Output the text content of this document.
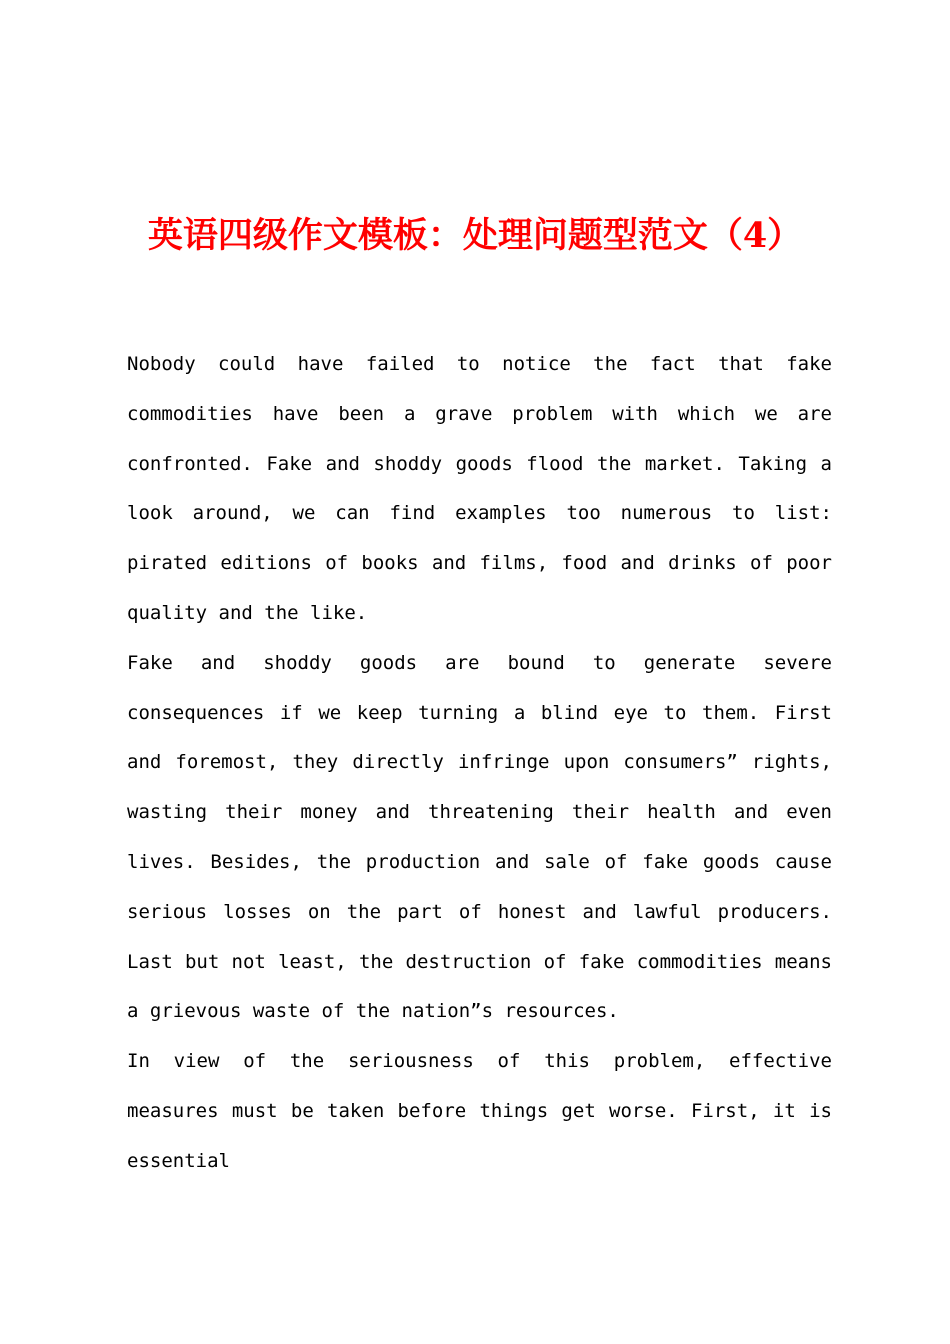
英语四级作文模板：处理问题型范文（4）

Nobody could have failed to notice the fact that fake commodities have been a grave problem with which we are confronted. Fake and shoddy goods flood the market. Taking a look around, we can find examples too numerous to list: pirated editions of books and films, food and drinks of poor quality and the like.

Fake and shoddy goods are bound to generate severe consequences if we keep turning a blind eye to them. First and foremost, they directly infringe upon consumers” rights, wasting their money and threatening their health and even lives. Besides, the production and sale of fake goods cause serious losses on the part of honest and lawful producers. Last but not least, the destruction of fake commodities means a grievous waste of the nation”s resources.

In view of the seriousness of this problem, effective measures must be taken before things get worse. First, it is essential
